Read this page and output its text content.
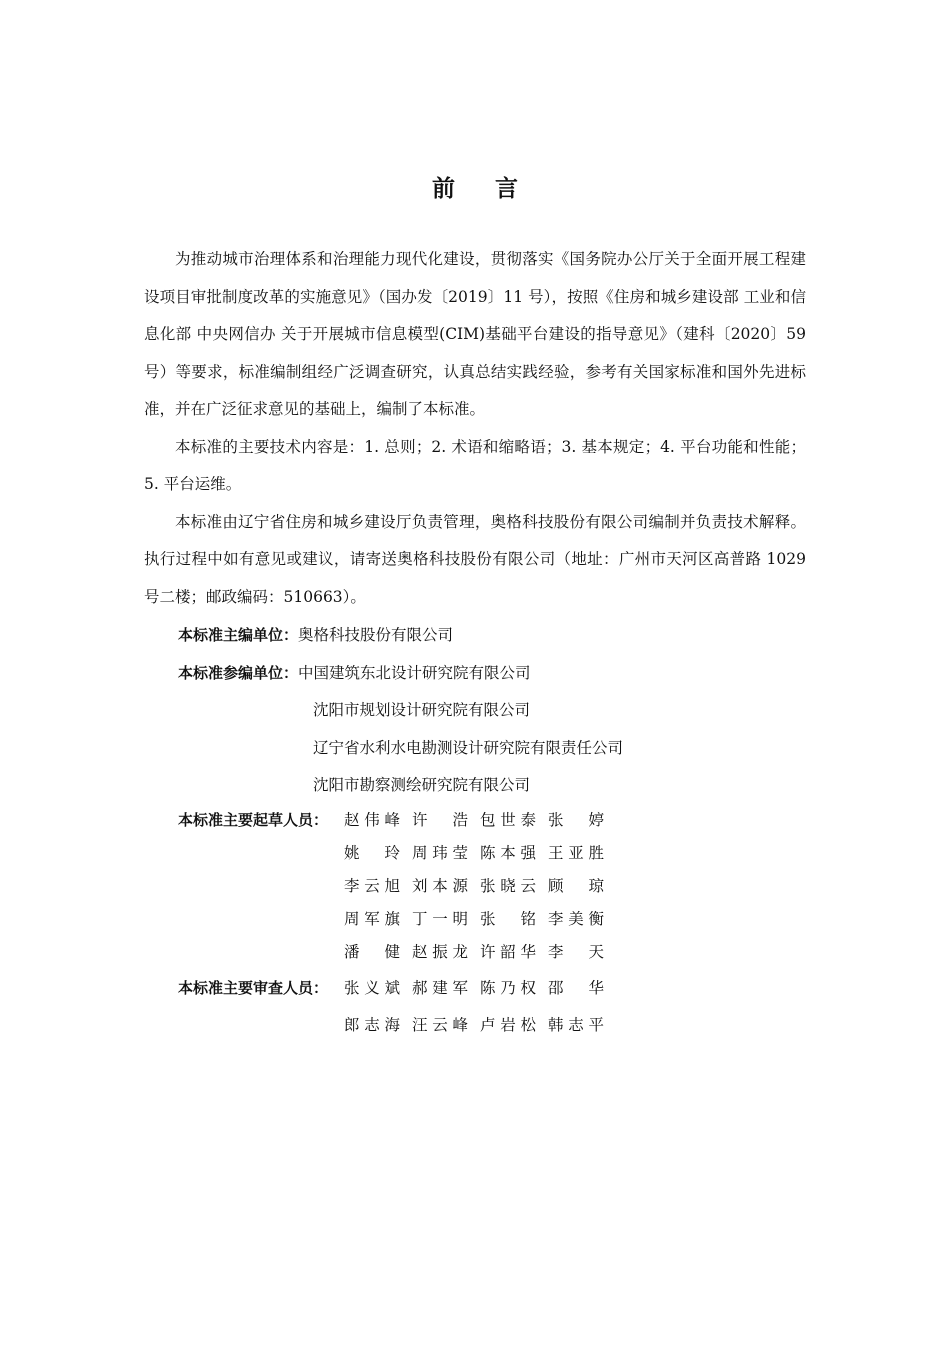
前 言

为推动城市治理体系和治理能力现代化建设，贯彻落实《国务院办公厅关于全面开展工程建设项目审批制度改革的实施意见》（国办发〔2019〕11 号），按照《住房和城乡建设部 工业和信息化部 中央网信办 关于开展城市信息模型(CIM)基础平台建设的指导意见》（建科〔2020〕59 号）等要求，标准编制组经广泛调查研究，认真总结实践经验，参考有关国家标准和国外先进标准，并在广泛征求意见的基础上，编制了本标准。

本标准的主要技术内容是：1. 总则；2. 术语和缩略语；3. 基本规定；4. 平台功能和性能；5. 平台运维。

本标准由辽宁省住房和城乡建设厅负责管理，奥格科技股份有限公司编制并负责技术解释。执行过程中如有意见或建议，请寄送奥格科技股份有限公司（地址：广州市天河区高普路 1029 号二楼；邮政编码：510663）。

本标准主编单位：奥格科技股份有限公司
本标准参编单位：中国建筑东北设计研究院有限公司
沈阳市规划设计研究院有限公司
辽宁省水利水电勘测设计研究院有限责任公司
沈阳市勘察测绘研究院有限公司
本标准主要起草人员： 赵伟峰 许浩 包世泰 张婷
姚玲 周玮莹 陈本强 王亚胜
李云旭 刘本源 张晓云 顾琼
周军旗 丁一明 张铭 李美衡
潘健 赵振龙 许韶华 李天
本标准主要审查人员： 张义斌 郝建军 陈乃权 邵华
郎志海 汪云峰 卢岩松 韩志平
